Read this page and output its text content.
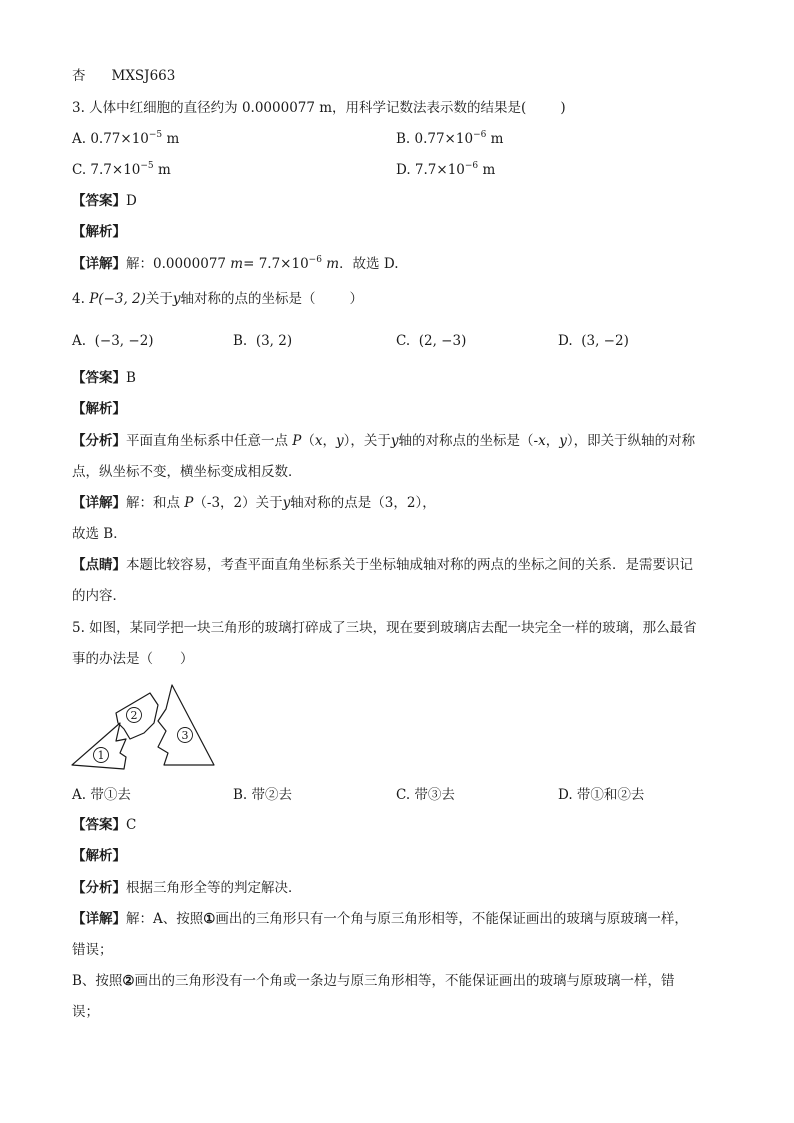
杏 MXSJ663
3. 人体中红细胞的直径约为 0.0000077 m，用科学记数法表示数的结果是(	)
A. $0.77\times 10^{-5}$ m	B. $0.77\times 10^{-6}$ m
C. $7.7\times 10^{-5}$ m	D. $7.7\times 10^{-6}$ m
【答案】D
【解析】
【详解】解：0.0000077 $m= 7.7\times 10^{-6}$ m．故选 D.
4. P(−3, 2)关于y轴对称的点的坐标是（	）
A. (−3, −2)	B. (3, 2)	C. (2, −3)	D. (3, −2)
【答案】B
【解析】
【分析】平面直角坐标系中任意一点 P（x，y），关于y轴的对称点的坐标是（-x，y），即关于纵轴的对称
点，纵坐标不变，横坐标变成相反数．
【详解】解：和点 P（-3，2）关于y轴对称的点是（3，2），
故选 B．
【点睛】本题比较容易，考查平面直角坐标系关于坐标轴成轴对称的两点的坐标之间的关系．是需要识记
的内容．
5. 如图，某同学把一块三角形的玻璃打碎成了三块，现在要到玻璃店去配一块完全一样的玻璃，那么最省
事的办法是（　　）
1
2
3
A. 带①去	B. 带②去	C. 带③去	D. 带①和②去
【答案】C
【解析】
【分析】根据三角形全等的判定解决．
【详解】解：A、按照①画出的三角形只有一个角与原三角形相等，不能保证画出的玻璃与原玻璃一样，
错误；
B、按照②画出的三角形没有一个角或一条边与原三角形相等，不能保证画出的玻璃与原玻璃一样，错
误；
